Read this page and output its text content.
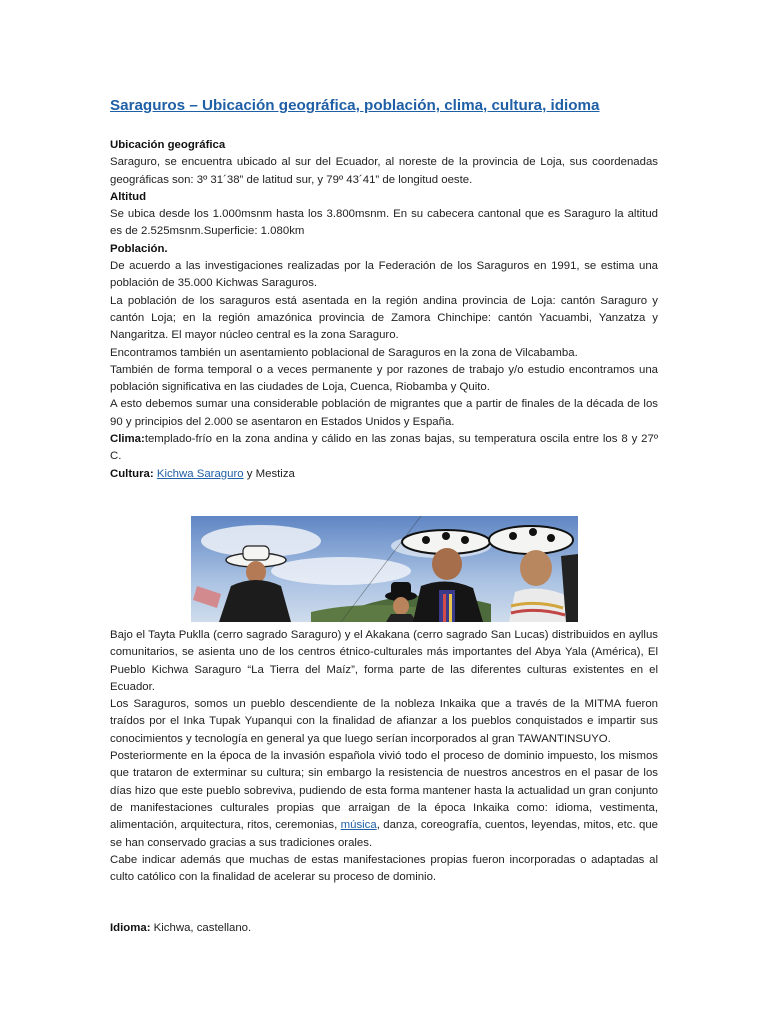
Saraguros – Ubicación geográfica, población, clima, cultura, idioma

Ubicación geográfica

Saraguro, se encuentra ubicado al sur del Ecuador, al noreste de la provincia de Loja, sus coordenadas geográficas son: 3º 31´38” de latitud sur, y 79º 43´41” de longitud oeste.

Altitud

Se ubica desde los 1.000msnm hasta los 3.800msnm. En su cabecera cantonal que es Saraguro la altitud es de 2.525msnm.Superficie: 1.080km

Población.

De acuerdo a las investigaciones realizadas por la Federación de los Saraguros en 1991, se estima una población de 35.000 Kichwas Saraguros.

La población de los saraguros está asentada en la región andina provincia de Loja: cantón Saraguro y cantón Loja; en la región amazónica provincia de Zamora Chinchipe: cantón Yacuambi, Yanzatza y Nangaritza. El mayor núcleo central es la zona Saraguro.

Encontramos también un asentamiento poblacional de Saraguros en la zona de Vilcabamba.

También de forma temporal o a veces permanente y por razones de trabajo y/o estudio encontramos una población significativa en las ciudades de Loja, Cuenca, Riobamba y Quito.

A esto debemos sumar una considerable población de migrantes que a partir de finales de la década de los 90 y principios del 2.000 se asentaron en Estados Unidos y España.

Clima:templado-frío en la zona andina y cálido en las zonas bajas, su temperatura oscila entre los 8 y 27º C.

Cultura: Kichwa Saraguro y Mestiza

Bajo el Tayta Puklla (cerro sagrado Saraguro) y el Akakana (cerro sagrado San Lucas) distribuidos en ayllus comunitarios, se asienta uno de los centros étnico-culturales más importantes del Abya Yala (América), El Pueblo Kichwa Saraguro “La Tierra del Maíz”, forma parte de las diferentes culturas existentes en el Ecuador.

Los Saraguros, somos un pueblo descendiente de la nobleza Inkaika que a través de la MITMA fueron traídos por el Inka Tupak Yupanqui con la finalidad de afianzar a los pueblos conquistados e impartir sus conocimientos y tecnología en general ya que luego serían incorporados al gran TAWANTINSUYO.

Posteriormente en la época de la invasión española vivió todo el proceso de dominio impuesto, los mismos que trataron de exterminar su cultura; sin embargo la resistencia de nuestros ancestros en el pasar de los días hizo que este pueblo sobreviva, pudiendo de esta forma mantener hasta la actualidad un gran conjunto de manifestaciones culturales propias que arraigan de la época Inkaika como: idioma, vestimenta, alimentación, arquitectura, ritos, ceremonias, música, danza, coreografía, cuentos, leyendas, mitos, etc. que se han conservado gracias a sus tradiciones orales.

Cabe indicar además que muchas de estas manifestaciones propias fueron incorporadas o adaptadas al culto católico con la finalidad de acelerar su proceso de dominio.

Idioma: Kichwa, castellano.
